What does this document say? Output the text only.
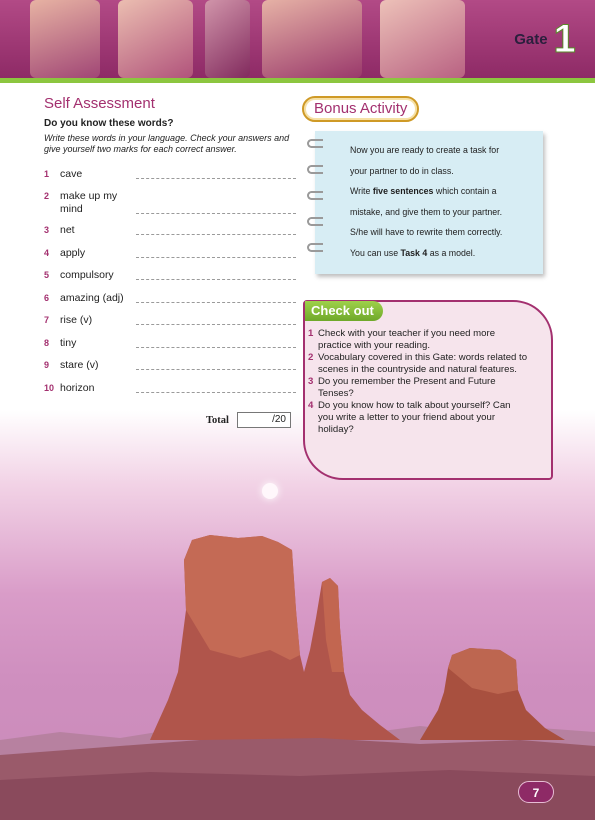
Gate 1
Self Assessment
Do you know these words?
Write these words in your language. Check your answers and give yourself two marks for each correct answer.
1	cave
2	make up my mind
3	net
4	apply
5	compulsory
6	amazing (adj)
7	rise (v)
8	tiny
9	stare (v)
10 horizon
Total	/20
Bonus Activity
Now you are ready to create a task for
your partner to do in class.
Write five sentences which contain a
mistake, and give them to your partner.
S/he will have to rewrite them correctly.
You can use Task 4 as a model.
Check out
1 Check with your teacher if you need more practice with your reading.
2 Vocabulary covered in this Gate: words related to scenes in the countryside and natural features.
3 Do you remember the Present and Future Tenses?
4 Do you know how to talk about yourself? Can you write a letter to your friend about your holiday?
7
